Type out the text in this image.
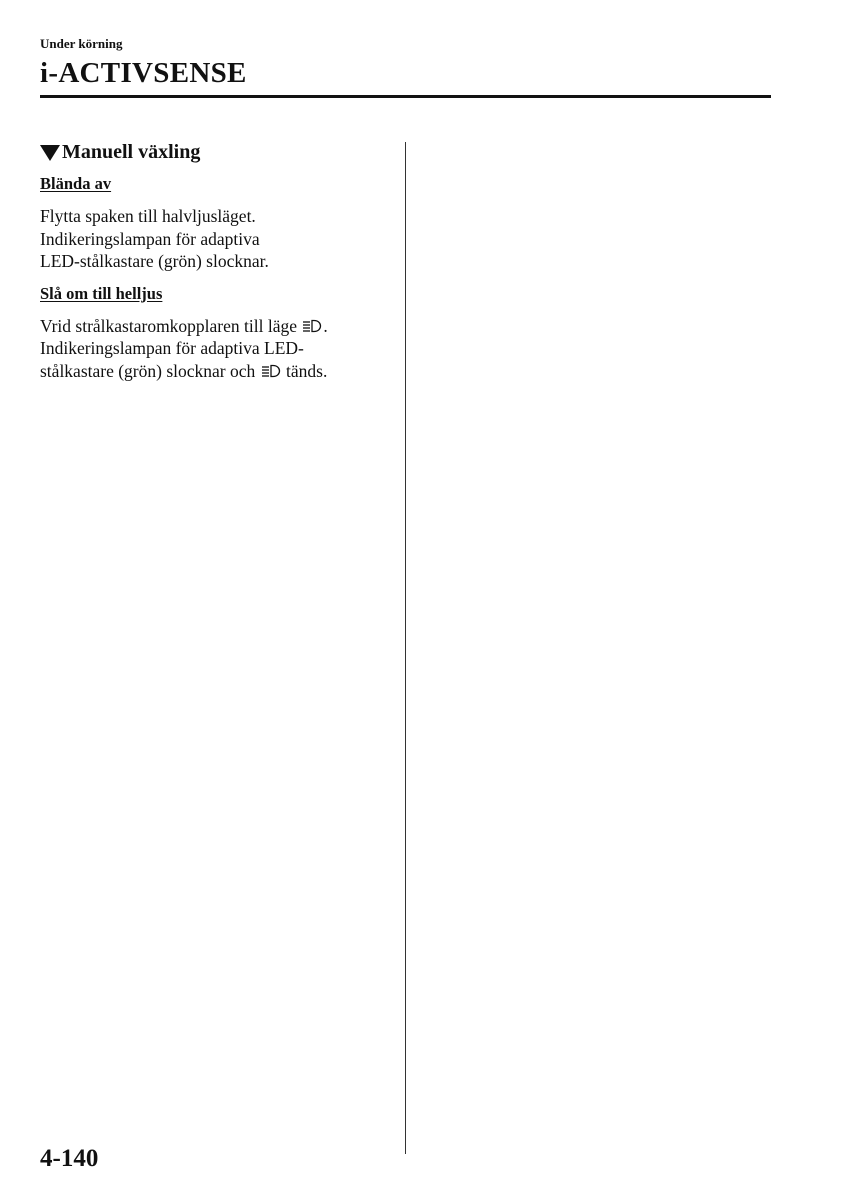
Under körning
i-ACTIVSENSE
Manuell växling
Blända av
Flytta spaken till halvljusläget.
Indikeringslampan för adaptiva
LED-stålkastare (grön) slocknar.
Slå om till helljus
Vrid strålkastaromkopplaren till läge .
Indikeringslampan för adaptiva LED-
stålkastare (grön) slocknar och tänds.
4-140
